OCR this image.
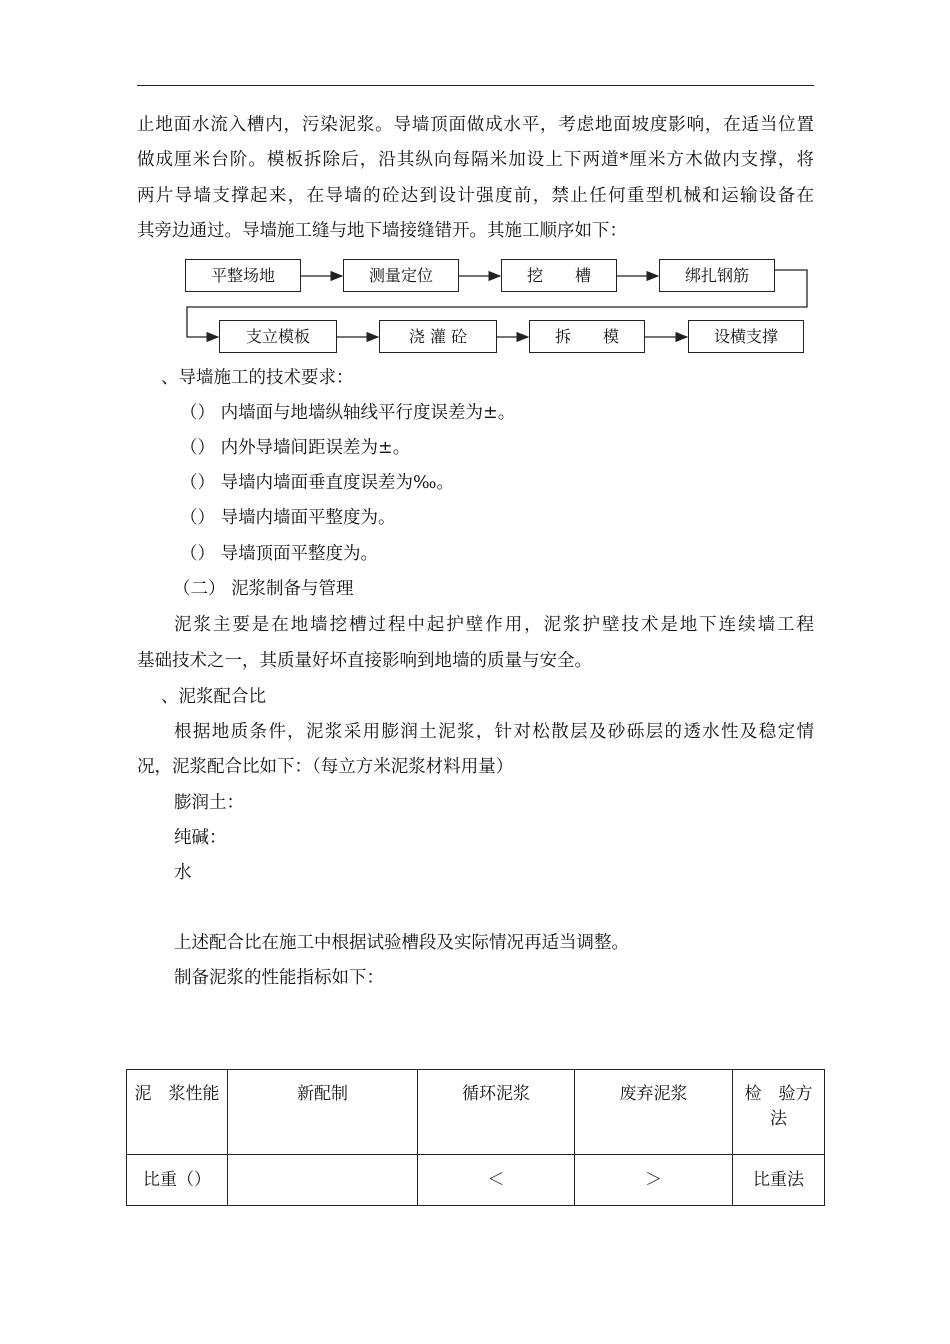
止地面水流入槽内，污染泥浆。导墙顶面做成水平，考虑地面坡度影响，在适当位置
做成厘米台阶。模板拆除后，沿其纵向每隔米加设上下两道*厘米方木做内支撑，将
两片导墙支撑起来，在导墙的砼达到设计强度前，禁止任何重型机械和运输设备在
其旁边通过。导墙施工缝与地下墙接缝错开。其施工顺序如下：
平整场地	测量定位	挖　　槽	绑扎钢筋
支立模板	浇 灌 砼	拆　　模	设横支撑
、导墙施工的技术要求：
（） 内墙面与地墙纵轴线平行度误差为±。
（） 内外导墙间距误差为±。
（） 导墙内墙面垂直度误差为‰。
（） 导墙内墙面平整度为。
（） 导墙顶面平整度为。
（二） 泥浆制备与管理
泥浆主要是在地墙挖槽过程中起护壁作用，泥浆护壁技术是地下连续墙工程
基础技术之一，其质量好坏直接影响到地墙的质量与安全。
、泥浆配合比
根据地质条件，泥浆采用膨润土泥浆，针对松散层及砂砾层的透水性及稳定情
况，泥浆配合比如下：（每立方米泥浆材料用量）
膨润土：
纯碱：
水
上述配合比在施工中根据试验槽段及实际情况再适当调整。
制备泥浆的性能指标如下：
泥　浆性能	新配制	循环泥浆	废弃泥浆	检　验方法
比重（）		＜	＞	比重法
